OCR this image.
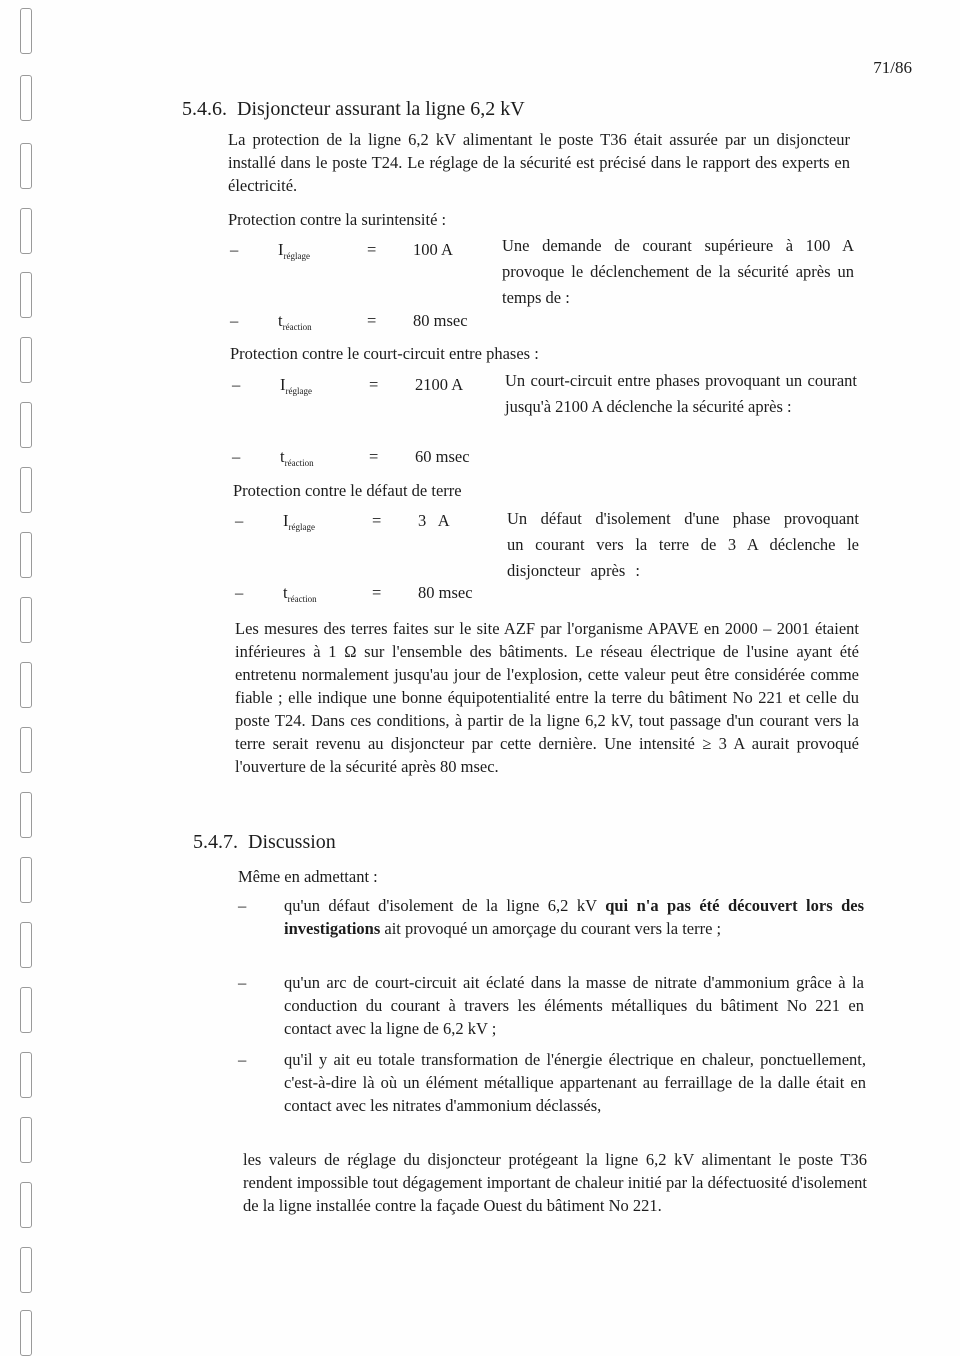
71/86
5.4.6. Disjoncteur assurant la ligne 6,2 kV
La protection de la ligne 6,2 kV alimentant le poste T36 était assurée par un disjoncteur installé dans le poste T24. Le réglage de la sécurité est précisé dans le rapport des experts en électricité.
Protection contre la surintensité :
– $I_{réglage}$	= 100 A	Une demande de courant supérieure à 100 A provoque le déclenchement de la sécurité après un temps de :
– $t_{réaction}$	= 80 msec
Protection contre le court-circuit entre phases :
– $I_{réglage}$	= 2100 A	Un court-circuit entre phases provoquant un courant jusqu'à 2100 A déclenche la sécurité après :
– $t_{réaction}$	= 60 msec
Protection contre le défaut de terre
– $I_{réglage}$	= 3   A	Un défaut d'isolement d'une phase provoquant un courant vers la terre de 3 A déclenche le disjoncteur après :
– $t_{réaction}$	= 80 msec
Les mesures des terres faites sur le site AZF par l'organisme APAVE en 2000 – 2001 étaient inférieures à 1 Ω sur l'ensemble des bâtiments. Le réseau électrique de l'usine ayant été entretenu normalement jusqu'au jour de l'explosion, cette valeur peut être considérée comme fiable ; elle indique une bonne équipotentialité entre la terre du bâtiment No 221 et celle du poste T24. Dans ces conditions, à partir de la ligne 6,2 kV, tout passage d'un courant vers la terre serait revenu au disjoncteur par cette dernière. Une intensité ≥ 3 A aurait provoqué l'ouverture de la sécurité après 80 msec.
5.4.7. Discussion
Même en admettant :
– qu'un défaut d'isolement de la ligne 6,2 kV qui n'a pas été découvert lors des investigations ait provoqué un amorçage du courant vers la terre ;
– qu'un arc de court-circuit ait éclaté dans la masse de nitrate d'ammonium grâce à la conduction du courant à travers les éléments métalliques du bâtiment No 221 en contact avec la ligne de 6,2 kV ;
– qu'il y ait eu totale transformation de l'énergie électrique en chaleur, ponctuellement, c'est-à-dire là où un élément métallique appartenant au ferraillage de la dalle était en contact avec les nitrates d'ammonium déclassés,
les valeurs de réglage du disjoncteur protégeant la ligne 6,2 kV alimentant le poste T36 rendent impossible tout dégagement important de chaleur initié par la défectuosité d'isolement de la ligne installée contre la façade Ouest du bâtiment No 221.
